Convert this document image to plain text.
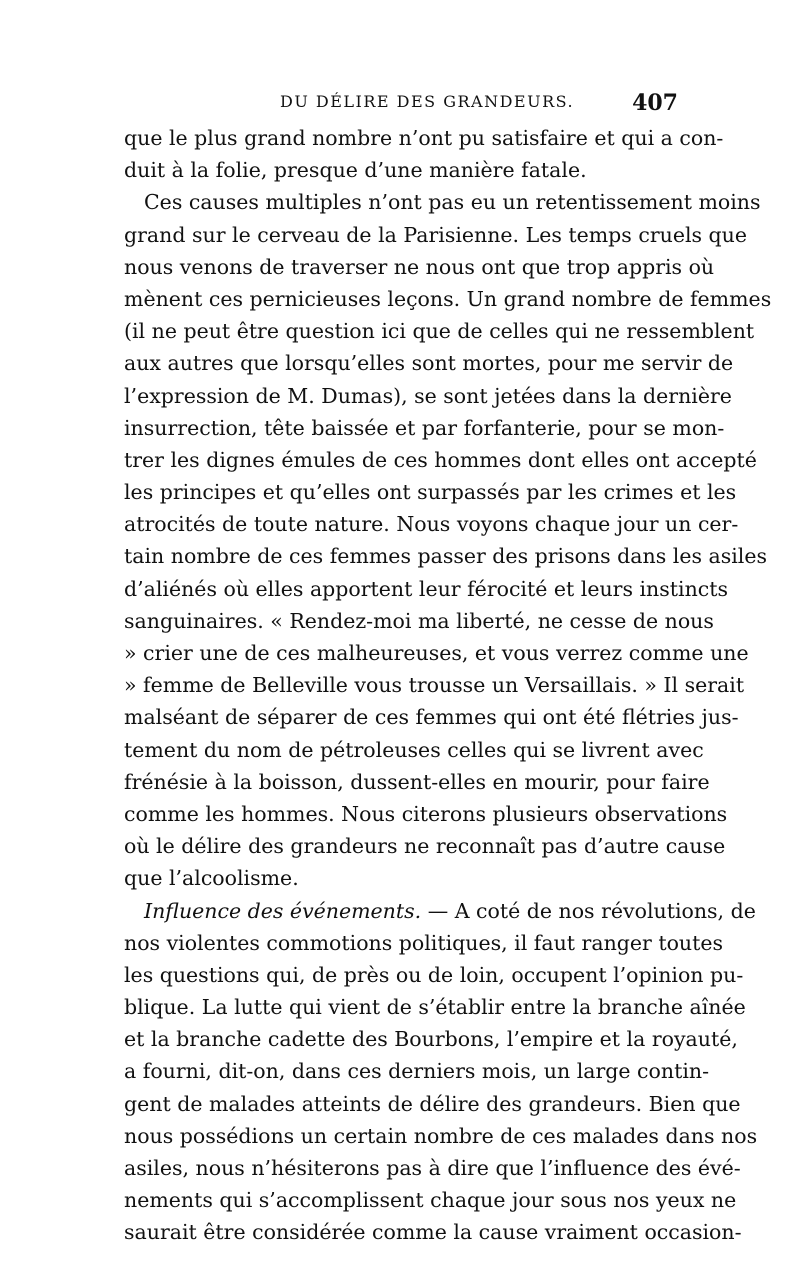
DU DÉLIRE DES GRANDEURS.	407
que le plus grand nombre n’ont pu satisfaire et qui a con-
duit à la folie, presque d’une manière fatale.
Ces causes multiples n’ont pas eu un retentissement moins
grand sur le cerveau de la Parisienne. Les temps cruels que
nous venons de traverser ne nous ont que trop appris où
mènent ces pernicieuses leçons. Un grand nombre de femmes
(il ne peut être question ici que de celles qui ne ressemblent
aux autres que lorsqu’elles sont mortes, pour me servir de
l’expression de M. Dumas), se sont jetées dans la dernière
insurrection, tête baissée et par forfanterie, pour se mon-
trer les dignes émules de ces hommes dont elles ont accepté
les principes et qu’elles ont surpassés par les crimes et les
atrocités de toute nature. Nous voyons chaque jour un cer-
tain nombre de ces femmes passer des prisons dans les asiles
d’aliénés où elles apportent leur férocité et leurs instincts
sanguinaires. « Rendez-moi ma liberté, ne cesse de nous
» crier une de ces malheureuses, et vous verrez comme une
» femme de Belleville vous trousse un Versaillais. » Il serait
malséant de séparer de ces femmes qui ont été flétries jus-
tement du nom de pétroleuses celles qui se livrent avec
frénésie à la boisson, dussent-elles en mourir, pour faire
comme les hommes. Nous citerons plusieurs observations
où le délire des grandeurs ne reconnaît pas d’autre cause
que l’alcoolisme.
Influence des événements. — A coté de nos révolutions, de
nos violentes commotions politiques, il faut ranger toutes
les questions qui, de près ou de loin, occupent l’opinion pu-
blique. La lutte qui vient de s’établir entre la branche aînée
et la branche cadette des Bourbons, l’empire et la royauté,
a fourni, dit-on, dans ces derniers mois, un large contin-
gent de malades atteints de délire des grandeurs. Bien que
nous possédions un certain nombre de ces malades dans nos
asiles, nous n’hésiterons pas à dire que l’influence des évé-
nements qui s’accomplissent chaque jour sous nos yeux ne
saurait être considérée comme la cause vraiment occasion-
